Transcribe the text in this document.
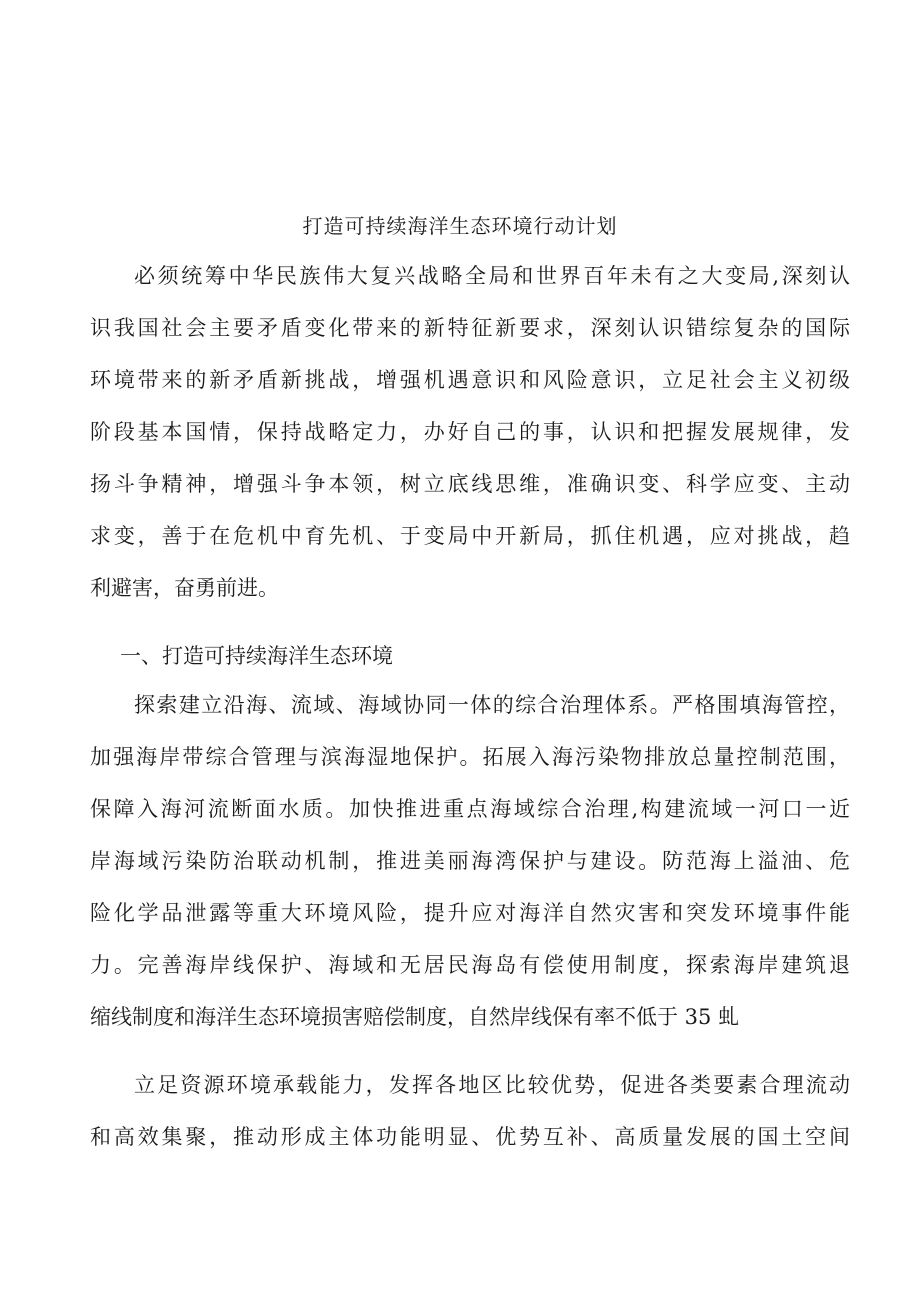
打造可持续海洋生态环境行动计划
必须统筹中华民族伟大复兴战略全局和世界百年未有之大变局,深刻认
识我国社会主要矛盾变化带来的新特征新要求，深刻认识错综复杂的国际
环境带来的新矛盾新挑战，增强机遇意识和风险意识，立足社会主义初级
阶段基本国情，保持战略定力，办好自己的事，认识和把握发展规律，发
扬斗争精神，增强斗争本领，树立底线思维，准确识变、科学应变、主动
求变，善于在危机中育先机、于变局中开新局，抓住机遇，应对挑战，趋
利避害，奋勇前进。
一、打造可持续海洋生态环境
探索建立沿海、流域、海域协同一体的综合治理体系。严格围填海管控，
加强海岸带综合管理与滨海湿地保护。拓展入海污染物排放总量控制范围，
保障入海河流断面水质。加快推进重点海域综合治理,构建流域一河口一近
岸海域污染防治联动机制，推进美丽海湾保护与建设。防范海上溢油、危
险化学品泄露等重大环境风险，提升应对海洋自然灾害和突发环境事件能
力。完善海岸线保护、海域和无居民海岛有偿使用制度，探索海岸建筑退
缩线制度和海洋生态环境损害赔偿制度，自然岸线保有率不低于 35 虬
立足资源环境承载能力，发挥各地区比较优势，促进各类要素合理流动
和高效集聚，推动形成主体功能明显、优势互补、高质量发展的国土空间
